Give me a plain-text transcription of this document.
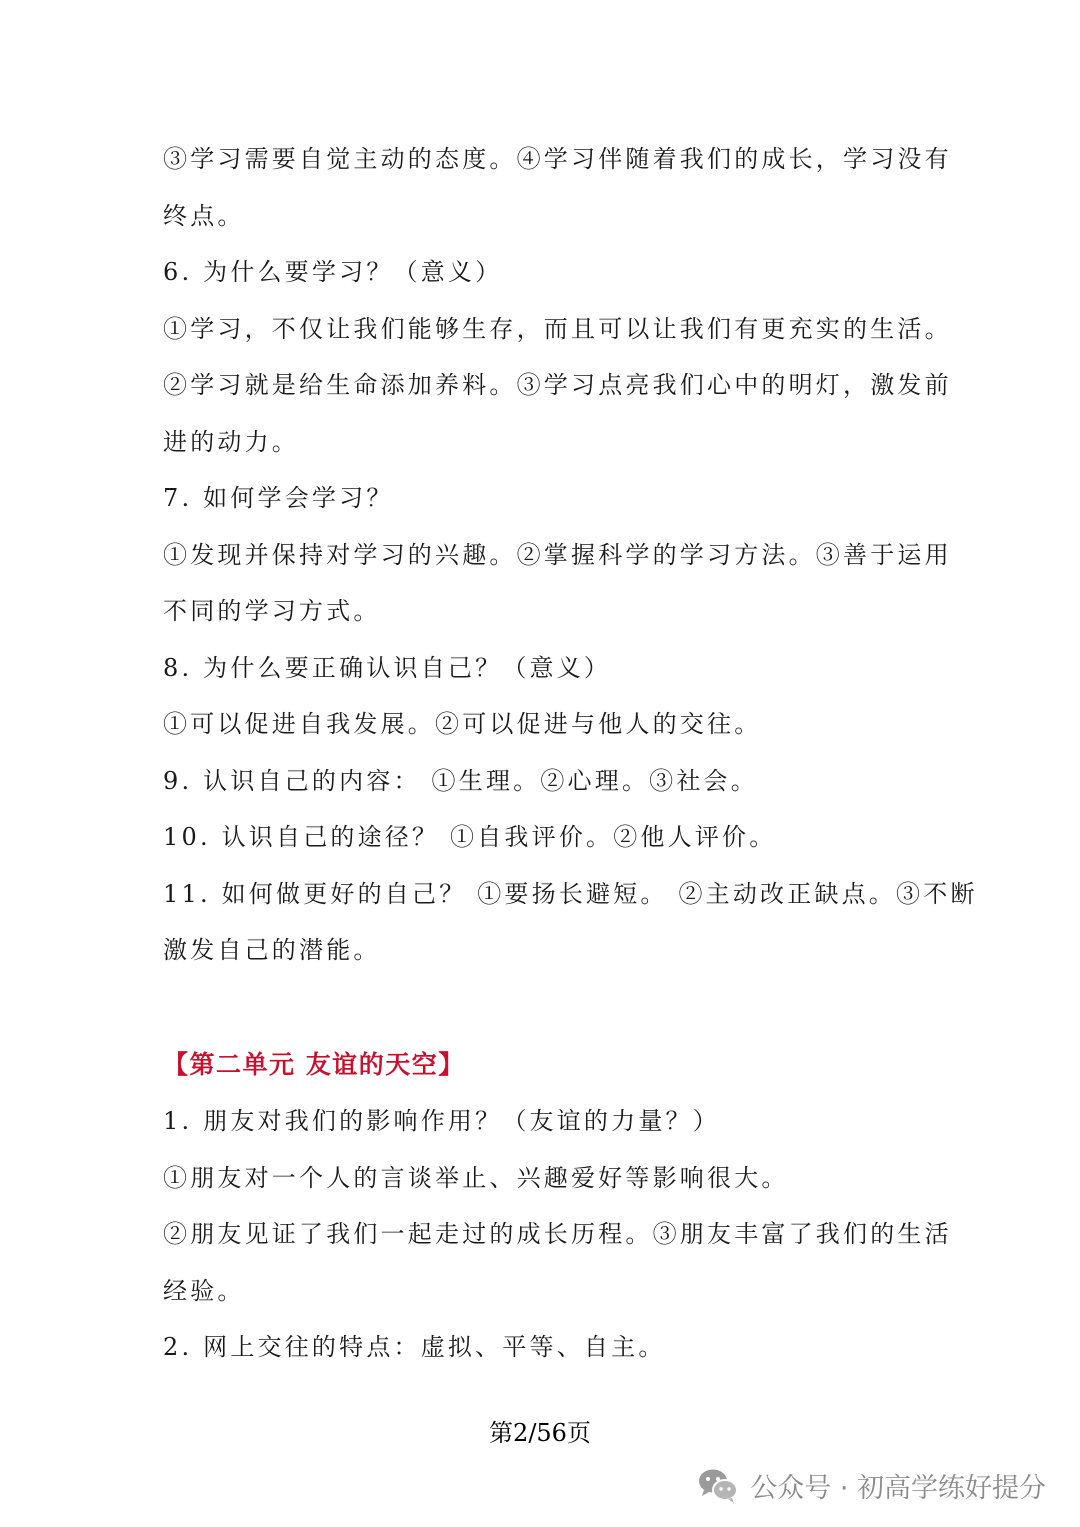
③学习需要自觉主动的态度。④学习伴随着我们的成长，学习没有
终点。
6. 为什么要学习？（意义）
①学习，不仅让我们能够生存，而且可以让我们有更充实的生活。
②学习就是给生命添加养料。③学习点亮我们心中的明灯，激发前
进的动力。
7. 如何学会学习？
①发现并保持对学习的兴趣。②掌握科学的学习方法。③善于运用
不同的学习方式。
8. 为什么要正确认识自己？（意义）
①可以促进自我发展。②可以促进与他人的交往。
9. 认识自己的内容： ①生理。②心理。③社会。
10. 认识自己的途径？ ①自我评价。②他人评价。
11. 如何做更好的自己？ ①要扬长避短。 ②主动改正缺点。③不断
激发自己的潜能。
【第二单元 友谊的天空】
1. 朋友对我们的影响作用？（友谊的力量？）
①朋友对一个人的言谈举止、兴趣爱好等影响很大。
②朋友见证了我们一起走过的成长历程。③朋友丰富了我们的生活
经验。
2. 网上交往的特点：虚拟、平等、自主。
第2/56页
公众号 · 初高学练好提分
